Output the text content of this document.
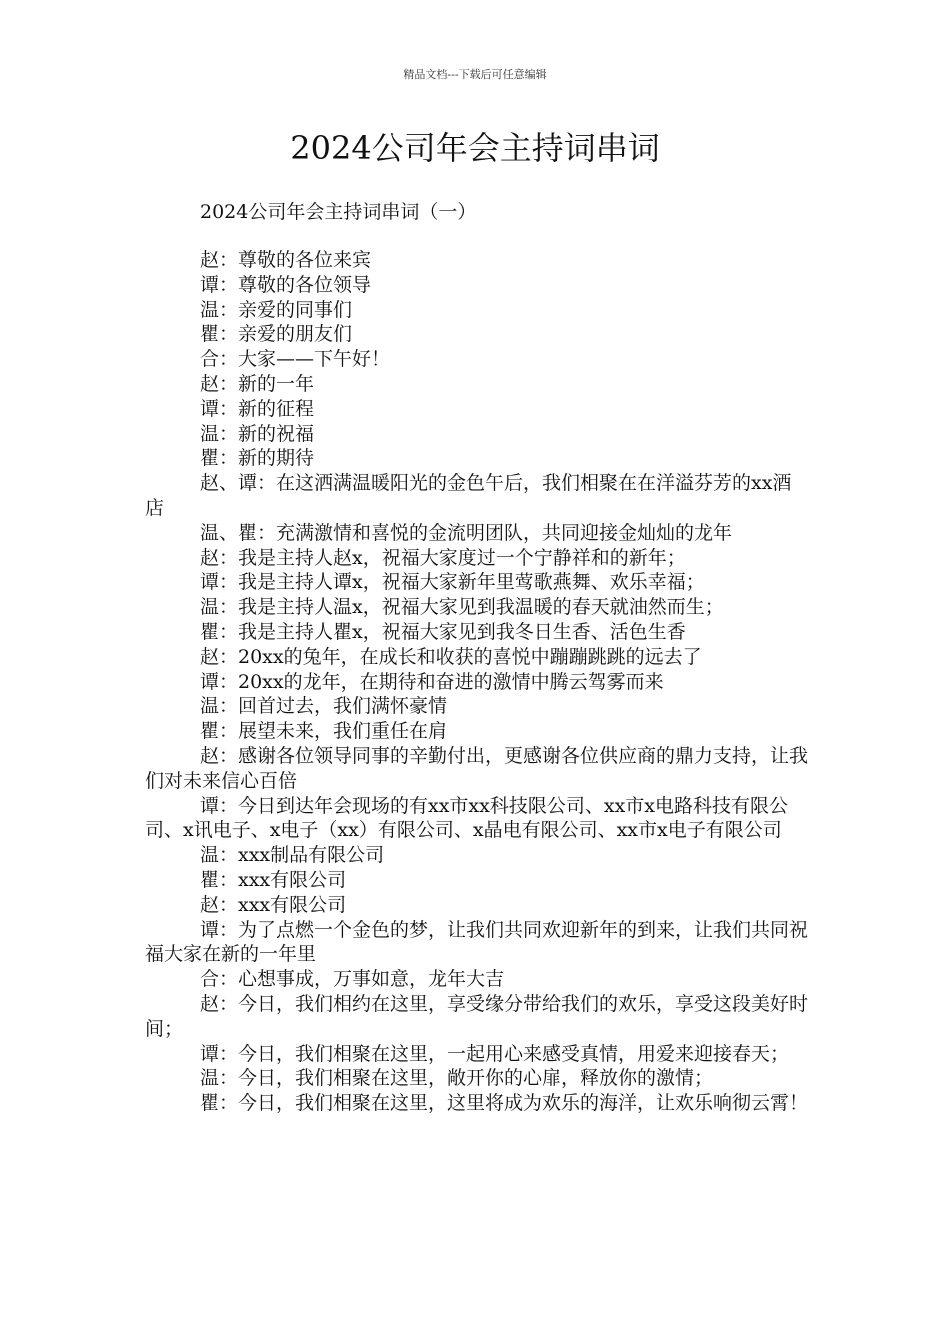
精品文档---下载后可任意编辑
2024公司年会主持词串词
2024公司年会主持词串词（一）

赵：尊敬的各位来宾

谭：尊敬的各位领导

温：亲爱的同事们

瞿：亲爱的朋友们

合：大家——下午好！

赵：新的一年

谭：新的征程

温：新的祝福

瞿：新的期待

赵、谭：在这洒满温暖阳光的金色午后，我们相聚在在洋溢芬芳的xx酒店

温、瞿：充满激情和喜悦的金流明团队，共同迎接金灿灿的龙年

赵：我是主持人赵x，祝福大家度过一个宁静祥和的新年；

谭：我是主持人谭x，祝福大家新年里莺歌燕舞、欢乐幸福；

温：我是主持人温x，祝福大家见到我温暖的春天就油然而生；

瞿：我是主持人瞿x，祝福大家见到我冬日生香、活色生香

赵：20xx的兔年，在成长和收获的喜悦中蹦蹦跳跳的远去了

谭：20xx的龙年，在期待和奋进的激情中腾云驾雾而来

温：回首过去，我们满怀豪情

瞿：展望未来，我们重任在肩

赵：感谢各位领导同事的辛勤付出，更感谢各位供应商的鼎力支持，让我们对未来信心百倍

谭：今日到达年会现场的有xx市xx科技限公司、xx市x电路科技有限公司、x讯电子、x电子（xx）有限公司、x晶电有限公司、xx市x电子有限公司

温：xxx制品有限公司

瞿：xxx有限公司

赵：xxx有限公司

谭：为了点燃一个金色的梦，让我们共同欢迎新年的到来，让我们共同祝福大家在新的一年里

合：心想事成，万事如意，龙年大吉

赵：今日，我们相约在这里，享受缘分带给我们的欢乐，享受这段美好时间；

谭：今日，我们相聚在这里，一起用心来感受真情，用爱来迎接春天；

温：今日，我们相聚在这里，敞开你的心扉，释放你的激情；

瞿：今日，我们相聚在这里，这里将成为欢乐的海洋，让欢乐响彻云霄！
